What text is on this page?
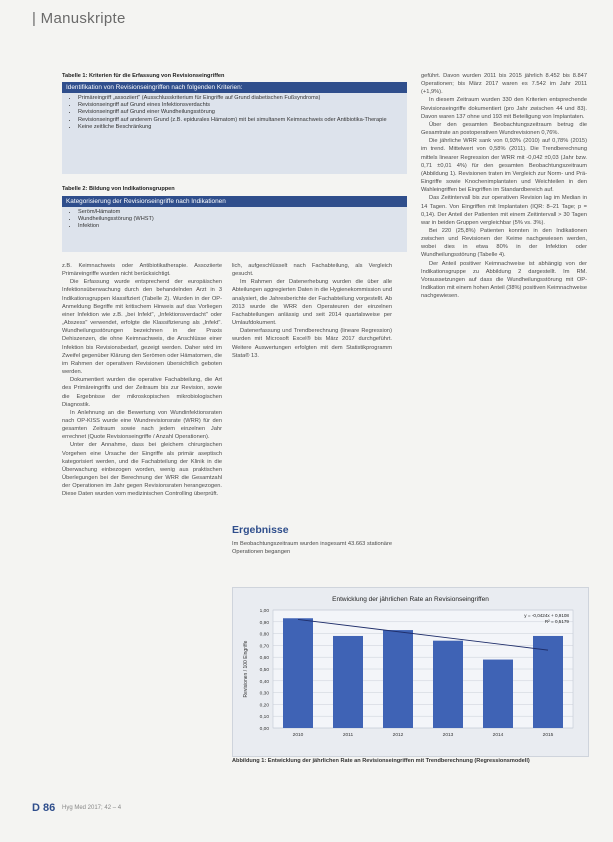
| Manuskripte
Tabelle 1: Kriterien für die Erfassung von Revisionseingriffen
Identifikation von Revisionseingriffen nach folgenden Kriterien:
• Primäreingriff „assoziiert" (Ausschlusskriterium für Eingriffe auf Grund diabetischen Fußsyndroms)
• Revisionseingriff auf Grund eines Infektionsverdachts
• Revisionseingriff auf Grund einer Wundheilungsstörung
• Revisionseingriff auf anderem Grund (z.B. epidurales Hämatom) mit bei simultanem Keimnachweis oder Antibiotika-Therapie
• Keine zeitliche Beschränkung
Tabelle 2: Bildung von Indikationsgruppen
Kategorisierung der Revisionseingriffe nach Indikationen
• Seröm/Hämatom
• Wundheilungsstörung (WHST)
• Infektion

geführt. Davon wurden 2011 bis 2015 jährlich 8.452 bis 8.847 Operationen; bis März 2017 waren es 7.542 im Jahr 2011 (+1,9%).

In diesem Zeitraum wurden 330 den Kriterien entsprechende Revisionseingriffe dokumentiert (pro Jahr zwischen 44 und 83). Davon waren 137 ohne und 193 mit Beteiligung von Implantaten.

Über den gesamten Beobachtungszeitraum betrug die Gesamtrate an postoperativen Wundrevisionen 0,76%.

Die jährliche WRR sank von 0,93% (2010) auf 0,78% (2015) im trend. Mittelwert von 0,58% (2011). Die Trendberechnung mittels linearer Regression der WRR mit -0,042 ±0,03 (Jahr bzw. 0,71 ±0,01 4%) für den gesamten Beobachtungszeitraum (Abbildung 1). Revisionen traten im Vergleich zur Norm- und Prä-Eingriffe sowie Knochenimplantaten und Weichteilen in den Wahleingriffen bei Eingriffen im Standardbereich auf.

Das Zeitintervall bis zur operativen Revision lag im Median in 14 Tagen. Von Eingriffen mit Implantaten (IQR: 8–21 Tage; p = 0,14). Der Anteil der Patienten mit einem Zeitintervall > 30 Tagen war in beiden Gruppen vergleichbar (5% vs. 3%).

Bei 220 (25,8%) Patienten konnten in den Indikationen zwischen und Revisionen der Keime nachgewiesen werden, wobei dies in etwa 80% in der Infektion oder Wundheilungsstörung (Tabelle 4).

Der Anteil positiver Keimnachweise ist abhängig von der Indikationsgruppe zu Abbildung 2 dargestellt. Im RM. Voraussetzungen auf dass die Wundheilungsstörung mit OP-Indikation mit einem hohen Anteil (38%) positiven Keimnachweise nachgewiesen.

z.B. Keimnachweis oder Antibiotikatherapie. Assoziierte Primäreingriffe wurden nicht berücksichtigt.

Die Erfassung wurde entsprechend der europäischen Infektionsüberwachung durch den behandelnden Arzt in 3 Indikationsgruppen klassifiziert (Tabelle 2). Wurden in der OP-Anmeldung Begriffe mit kritischem Hinweis auf das Vorliegen einer Infektion wie z.B. „bei Infekt", „Infektionsverdacht" oder „Abszess" verwendet, erfolgte die Klassifizierung als „Infekt". Wundheilungsstörungen bezeichnen in der Praxis Dehiszenzen, die ohne Keimnachweis, die Anschlüsse einer Infektion bis Revisionsbedarf, gezeigt werden. Daher wird im Zweifel gegenüber Klärung den Serömen oder Hämatomen, die im Rahmen der operativen Revisionen übersichtlich geboten werden.

Dokumentiert wurden die operative Fachabteilung, die Art des Primäreingriffs und der Zeitraum bis zur Revision, sowie die Ergebnisse der mikroskopischen mikrobiologischen Diagnostik.

In Anlehnung an die Bewertung von Wundinfektionsraten nach OP-KISS wurde eine Wundrevisionsrate (WRR) für den gesamten Zeitraum sowie nach jedem einzelnen Jahr errechnet (Quote Revisionseingriffe / Anzahl Operationen).

Unter der Annahme, dass bei gleichem chirurgischen Vorgehen eine Ursache der Eingriffe als primär aseptisch kategorisiert werden, und die Fachabteilung der Klinik in die Überwachung einbezogen worden, wenig aus praktischen Überlegungen bei der Berechnung der WRR die Gesamtzahl der Operationen im Jahr gegen Revisionsraten herangezogen. Diese Daten wurden vom medizinischen Controlling überprüft.

lich, aufgeschlüsselt nach Fachabteilung, als Vergleich gesucht.

Im Rahmen der Datenerhebung wurden die über alle Abteilungen aggregierten Daten in die Hygienekommission und analysiert, die Jahresberichte der Fachabteilung vorgestellt. Ab 2013 wurde die WRR den Operateuren der einzelnen Fachabteilungen anlässig und seit 2014 quartalsweise per Umlaufdokument.

Datenerfassung und Trendberechnung (lineare Regression) wurden mit Microsoft Excel® bis März 2017 durchgeführt. Weitere Auswertungen erfolgten mit dem Statistikprogramm Stata® 13.

Ergebnisse
Im Beobachtungszeitraum wurden insgesamt 43.663 stationäre Operationen begangen
Entwicklung der jährlichen Rate an Revisionseingriffen
0,00
0,10
0,20
0,30
0,40
0,50
0,60
0,70
0,80
0,90
1,00
Revisionen / 100 Eingriffe
2010	2011	2012	2013	2014	2015
y = -0,0424x + 0,9108
R² = 0,5179
Abbildung 1: Entwicklung der jährlichen Rate an Revisionseingriffen mit Trendberechnung (Regressionsmodell)
D 86 Hyg Med 2017; 42 – 4
